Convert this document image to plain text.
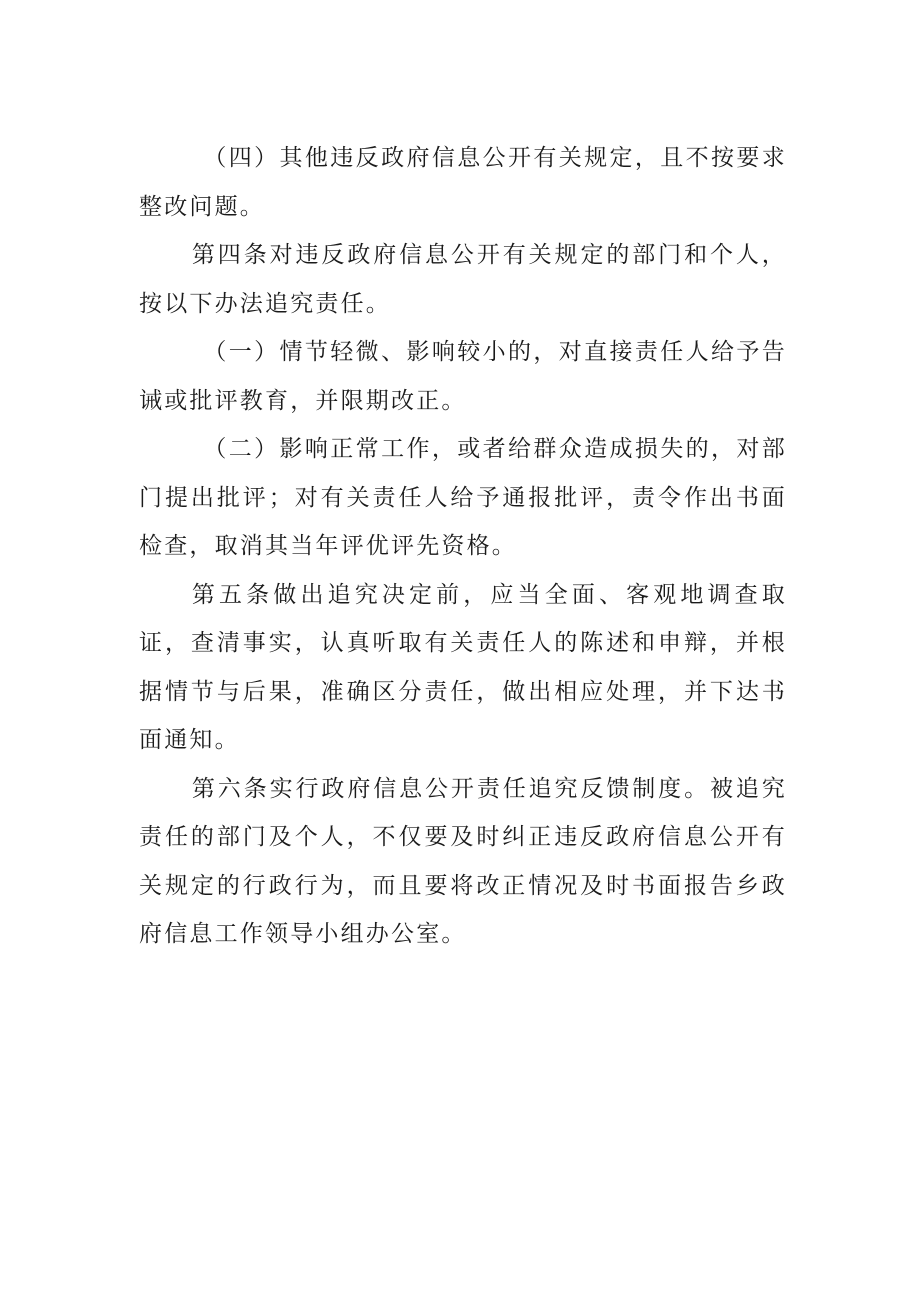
（四）其他违反政府信息公开有关规定，且不按要求整改问题。

第四条对违反政府信息公开有关规定的部门和个人，按以下办法追究责任。

（一）情节轻微、影响较小的，对直接责任人给予告诫或批评教育，并限期改正。

（二）影响正常工作，或者给群众造成损失的，对部门提出批评；对有关责任人给予通报批评，责令作出书面检查，取消其当年评优评先资格。

第五条做出追究决定前，应当全面、客观地调查取证，查清事实，认真听取有关责任人的陈述和申辩，并根据情节与后果，准确区分责任，做出相应处理，并下达书面通知。

第六条实行政府信息公开责任追究反馈制度。被追究责任的部门及个人，不仅要及时纠正违反政府信息公开有关规定的行政行为，而且要将改正情况及时书面报告乡政府信息工作领导小组办公室。
